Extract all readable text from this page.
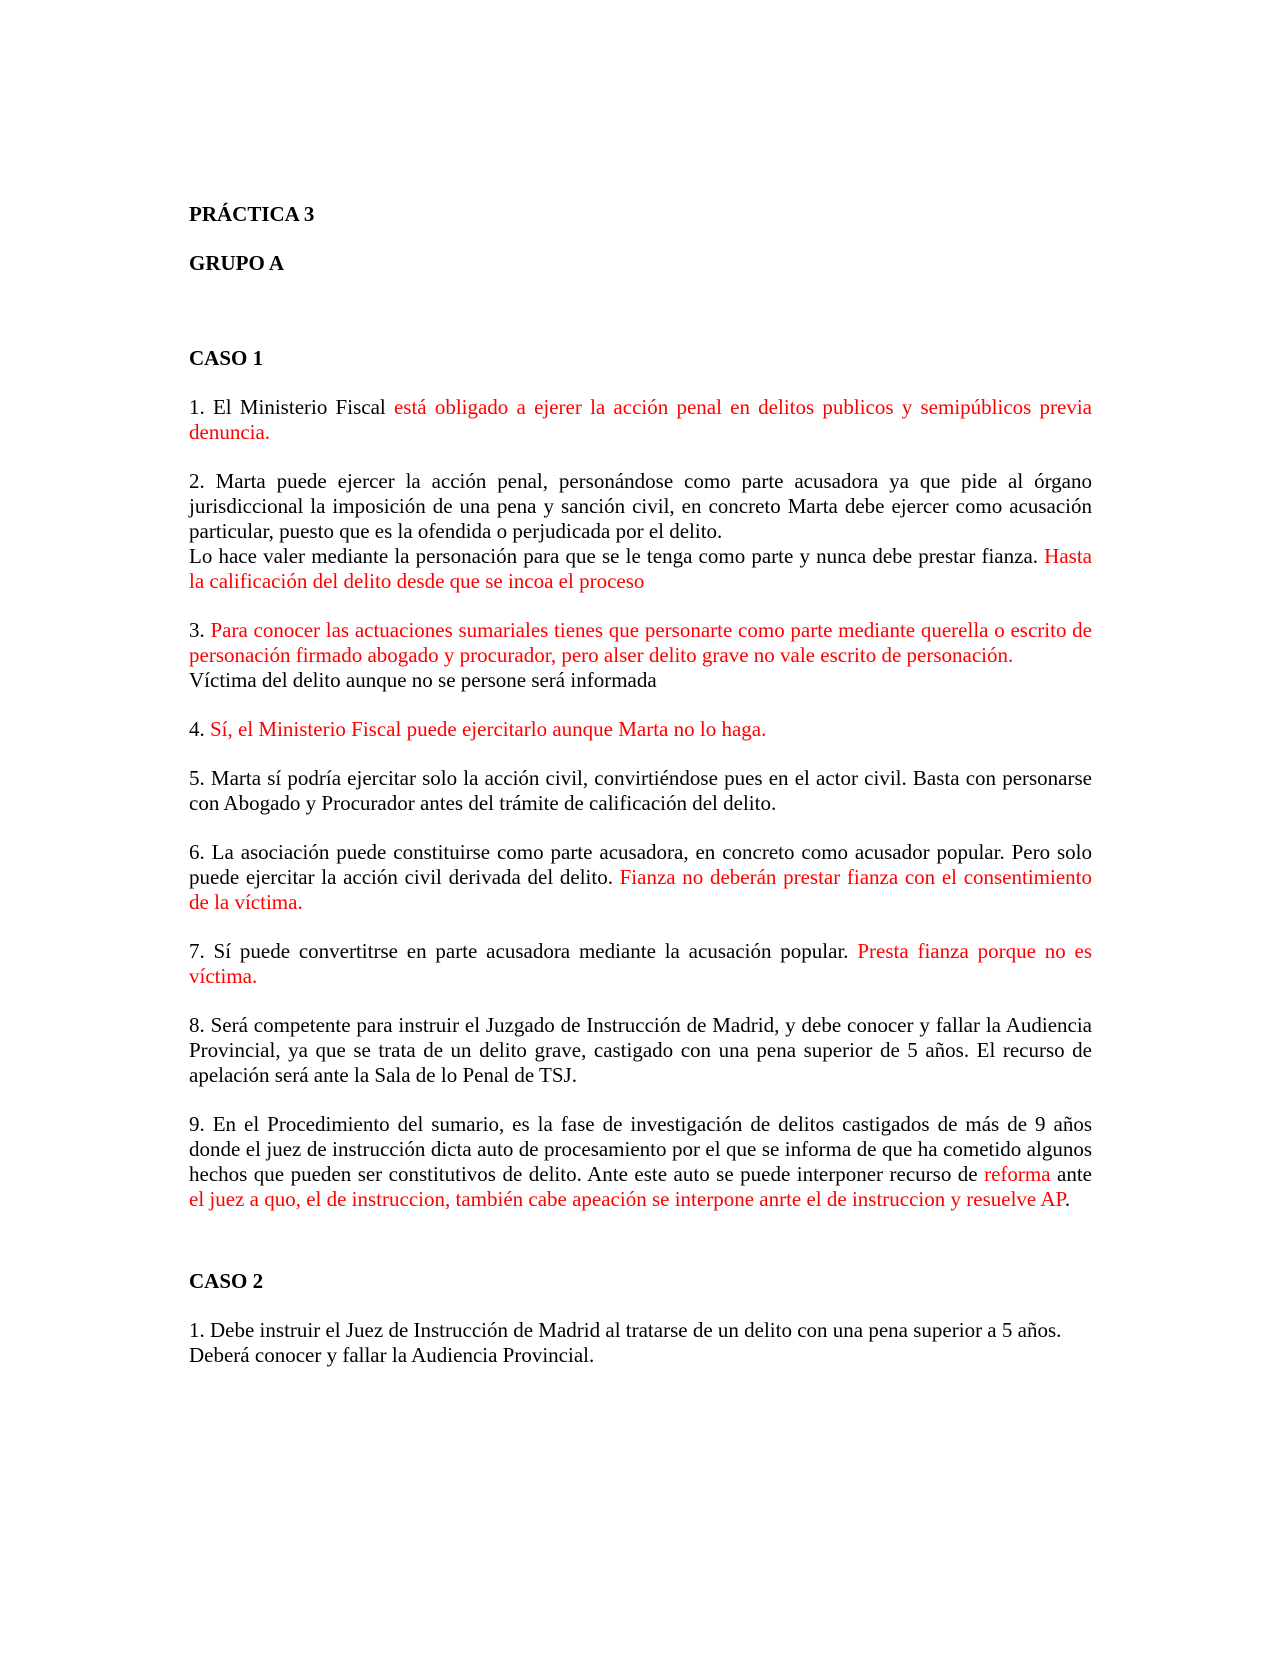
PRÁCTICA 3

GRUPO A

CASO 1

1. El Ministerio Fiscal está obligado a ejerer la acción penal en delitos publicos y semipúblicos previa denuncia.

2. Marta puede ejercer la acción penal, personándose como parte acusadora ya que pide al órgano jurisdiccional la imposición de una pena y sanción civil, en concreto Marta debe ejercer como acusación particular, puesto que es la ofendida o perjudicada por el delito.
Lo hace valer mediante la personación para que se le tenga como parte y nunca debe prestar fianza. Hasta la calificación del delito desde que se incoa el proceso

3. Para conocer las actuaciones sumariales tienes que personarte como parte mediante querella o escrito de personación firmado abogado y procurador, pero alser delito grave no vale escrito de personación.
Víctima del delito aunque no se persone será informada

4. Sí, el Ministerio Fiscal puede ejercitarlo aunque Marta no lo haga.

5. Marta sí podría ejercitar solo la acción civil, convirtiéndose pues en el actor civil. Basta con personarse con Abogado y Procurador antes del trámite de calificación del delito.

6. La asociación puede constituirse como parte acusadora, en concreto como acusador popular. Pero solo puede ejercitar la acción civil derivada del delito. Fianza no deberán prestar fianza con el consentimiento de la víctima.

7. Sí puede convertitrse en parte acusadora mediante la acusación popular. Presta fianza porque no es víctima.

8. Será competente para instruir el Juzgado de Instrucción de Madrid, y debe conocer y fallar la Audiencia Provincial, ya que se trata de un delito grave, castigado con una pena superior de 5 años. El recurso de apelación será ante la Sala de lo Penal de TSJ.

9. En el Procedimiento del sumario, es la fase de investigación de delitos castigados de más de 9 años donde el juez de instrucción dicta auto de procesamiento por el que se informa de que ha cometido algunos hechos que pueden ser constitutivos de delito. Ante este auto se puede interponer recurso de reforma ante el juez a quo, el de instruccion, también cabe apeación se interpone anrte el de instruccion y resuelve AP.

CASO 2

1. Debe instruir el Juez de Instrucción de Madrid al tratarse de un delito con una pena superior a 5 años.
Deberá conocer y fallar la Audiencia Provincial.
